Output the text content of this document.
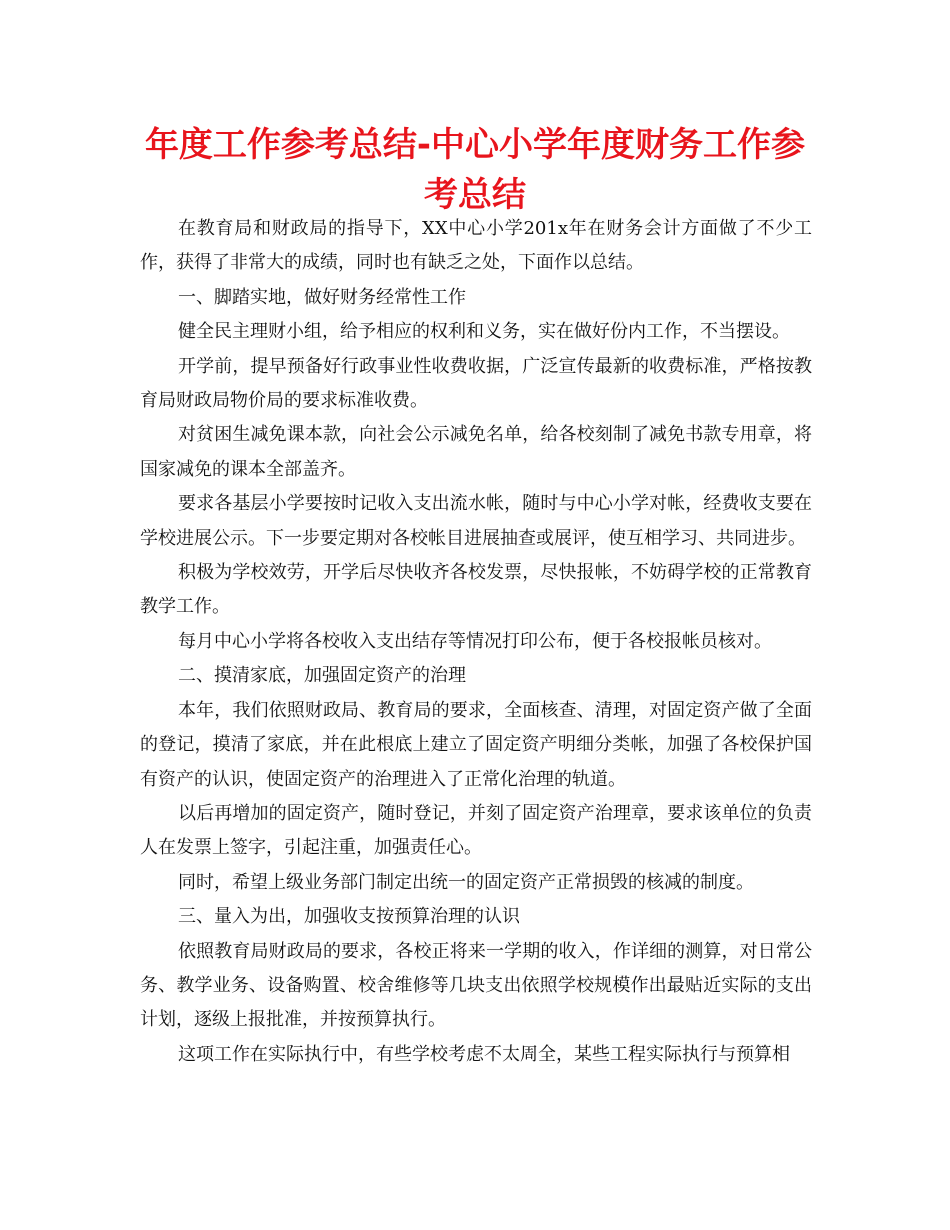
年度工作参考总结-中心小学年度财务工作参考总结

在教育局和财政局的指导下，XX中心小学201x年在财务会计方面做了不少工作，获得了非常大的成绩，同时也有缺乏之处，下面作以总结。

一、脚踏实地，做好财务经常性工作

健全民主理财小组，给予相应的权利和义务，实在做好份内工作，不当摆设。

开学前，提早预备好行政事业性收费收据，广泛宣传最新的收费标准，严格按教育局财政局物价局的要求标准收费。

对贫困生减免课本款，向社会公示减免名单，给各校刻制了减免书款专用章，将国家减免的课本全部盖齐。

要求各基层小学要按时记收入支出流水帐，随时与中心小学对帐，经费收支要在学校进展公示。下一步要定期对各校帐目进展抽查或展评，使互相学习、共同进步。

积极为学校效劳，开学后尽快收齐各校发票，尽快报帐，不妨碍学校的正常教育教学工作。

每月中心小学将各校收入支出结存等情况打印公布，便于各校报帐员核对。

二、摸清家底，加强固定资产的治理

本年，我们依照财政局、教育局的要求，全面核查、清理，对固定资产做了全面的登记，摸清了家底，并在此根底上建立了固定资产明细分类帐，加强了各校保护国有资产的认识，使固定资产的治理进入了正常化治理的轨道。

以后再增加的固定资产，随时登记，并刻了固定资产治理章，要求该单位的负责人在发票上签字，引起注重，加强责任心。

同时，希望上级业务部门制定出统一的固定资产正常损毁的核减的制度。

三、量入为出，加强收支按预算治理的认识

依照教育局财政局的要求，各校正将来一学期的收入，作详细的测算，对日常公务、教学业务、设备购置、校舍维修等几块支出依照学校规模作出最贴近实际的支出计划，逐级上报批准，并按预算执行。

这项工作在实际执行中，有些学校考虑不太周全，某些工程实际执行与预算相
